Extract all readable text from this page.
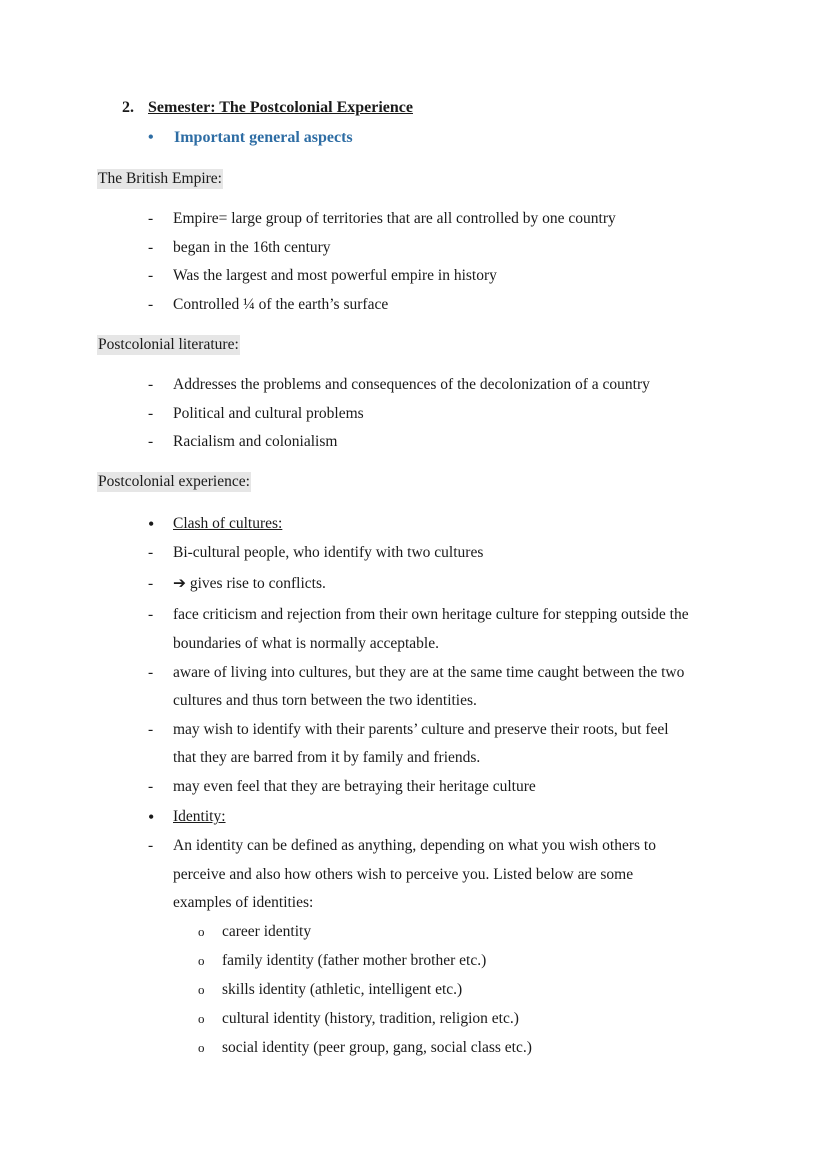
2. Semester: The Postcolonial Experience
• Important general aspects
The British Empire:
-	Empire= large group of territories that are all controlled by one country
-	began in the 16th century
-	Was the largest and most powerful empire in history
-	Controlled ¼ of the earth’s surface
Postcolonial literature:
-	Addresses the problems and consequences of the decolonization of a country
-	Political and cultural problems
-	Racialism and colonialism
Postcolonial experience:
•	Clash of cultures:
-	Bi-cultural people, who identify with two cultures
-	➔ gives rise to conflicts.
-	face criticism and rejection from their own heritage culture for stepping outside the
boundaries of what is normally acceptable.
-	aware of living into cultures, but they are at the same time caught between the two
cultures and thus torn between the two identities.
-	may wish to identify with their parents’ culture and preserve their roots, but feel
that they are barred from it by family and friends.
-	may even feel that they are betraying their heritage culture
•	Identity:
-	An identity can be defined as anything, depending on what you wish others to
perceive and also how others wish to perceive you. Listed below are some
examples of identities:
o career identity
o family identity (father mother brother etc.)
o skills identity (athletic, intelligent etc.)
o cultural identity (history, tradition, religion etc.)
o social identity (peer group, gang, social class etc.)
